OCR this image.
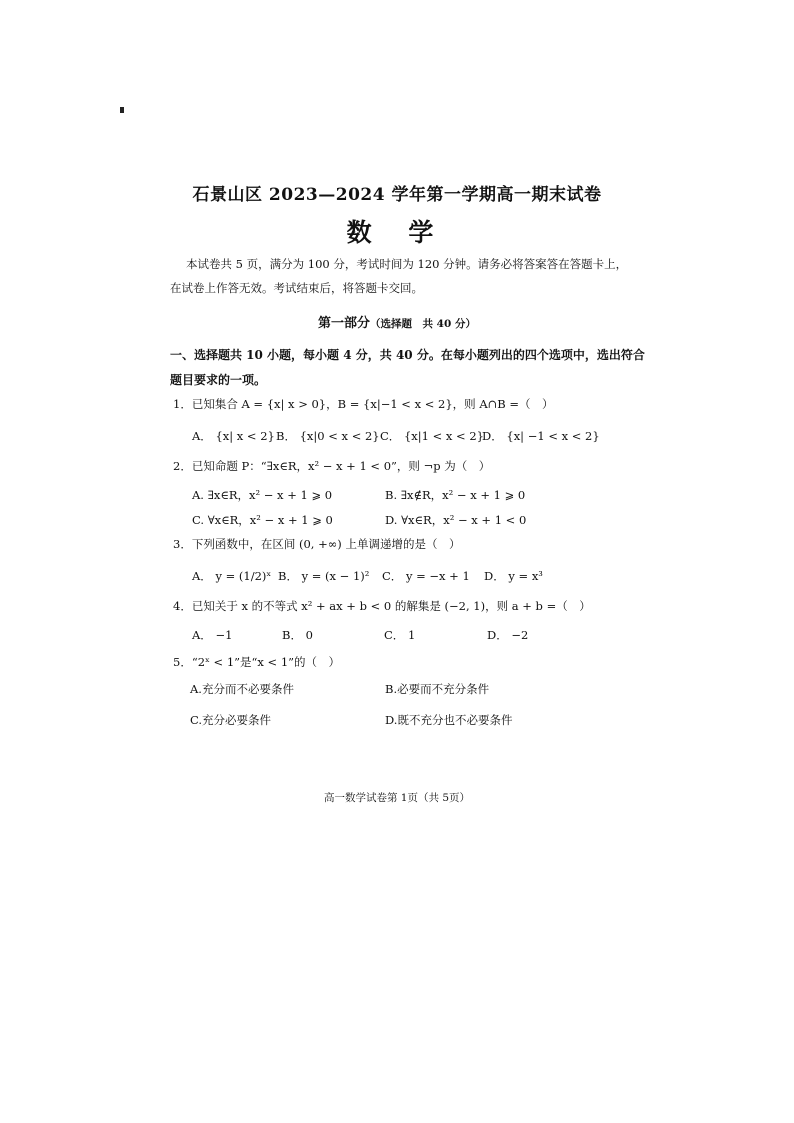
石景山区 2023—2024 学年第一学期高一期末试卷
数 学
本试卷共 5 页，满分为 100 分，考试时间为 120 分钟。请务必将答案答在答题卡上，
在试卷上作答无效。考试结束后，将答题卡交回。
第一部分（选择题　共 40 分）
一、选择题共 10 小题，每小题 4 分，共 40 分。在每小题列出的四个选项中，选出符合
题目要求的一项。
1．已知集合 A = {x| x > 0}，B = {x|−1 < x < 2}，则 A∩B =（　）
A． {x| x < 2} B． {x|0 < x < 2} C． {x|1 < x < 2}
D． {x| −1 < x < 2}
2．已知命题 P：“∃x∈R，x² − x + 1 < 0”，则 ¬p 为（　）
A. ∃x∈R，x² − x + 1 ⩾ 0	B. ∃x∉R，x² − x + 1 ⩾ 0
C. ∀x∈R，x² − x + 1 ⩾ 0	D. ∀x∈R，x² − x + 1 < 0
3．下列函数中，在区间 (0, +∞) 上单调递增的是（　）
A． y = (1/2)ˣ B． y = (x − 1)² C． y = −x + 1 D． y = x³
4．已知关于 x 的不等式 x² + ax + b < 0 的解集是 (−2, 1)，则 a + b =（　）
A． −1	B． 0	C． 1	D． −2
5．“2ˣ < 1”是“x < 1”的（　）
A.充分而不必要条件	B.必要而不充分条件
C.充分必要条件	D.既不充分也不必要条件
高一数学试卷第 1页（共 5页）
